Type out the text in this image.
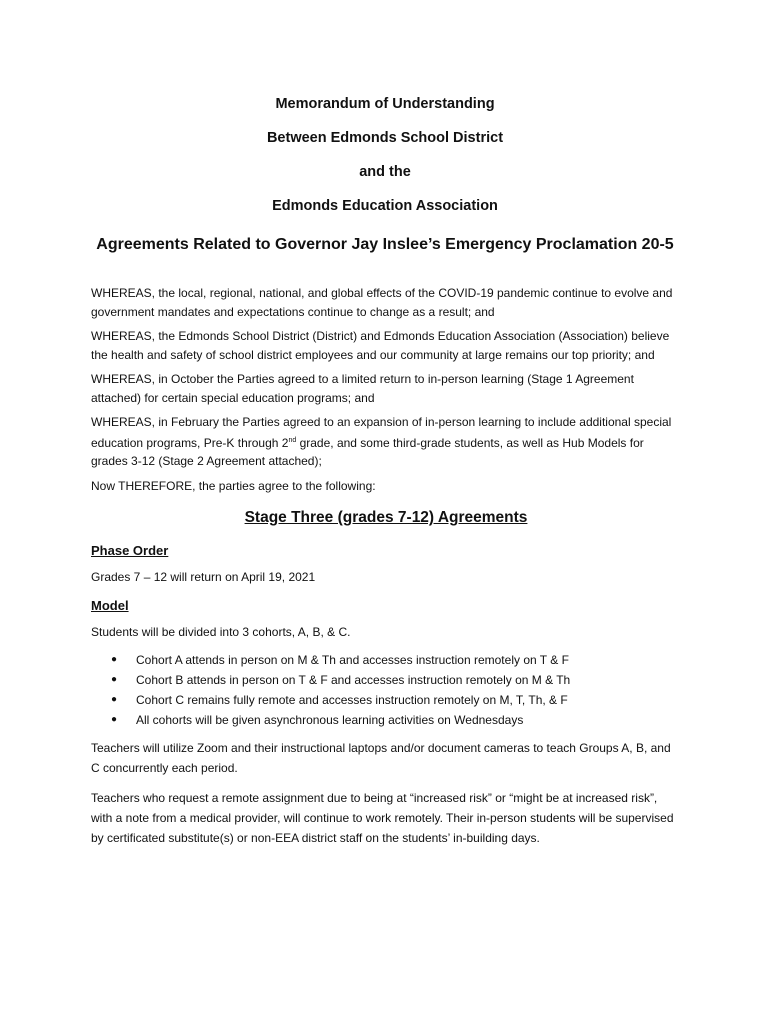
Memorandum of Understanding
Between Edmonds School District
and the
Edmonds Education Association
Agreements Related to Governor Jay Inslee’s Emergency Proclamation 20-5

WHEREAS, the local, regional, national, and global effects of the COVID-19 pandemic continue to evolve and government mandates and expectations continue to change as a result; and

WHEREAS, the Edmonds School District (District) and Edmonds Education Association (Association) believe the health and safety of school district employees and our community at large remains our top priority; and

WHEREAS, in October the Parties agreed to a limited return to in-person learning (Stage 1 Agreement attached) for certain special education programs; and

WHEREAS, in February the Parties agreed to an expansion of in-person learning to include additional special education programs, Pre-K through 2nd grade, and some third-grade students, as well as Hub Models for grades 3-12 (Stage 2 Agreement attached);

Now THEREFORE, the parties agree to the following:

Stage Three (grades 7-12) Agreements
Phase Order

Grades 7 – 12 will return on April 19, 2021

Model

Students will be divided into 3 cohorts, A, B, & C.

● Cohort A attends in person on M & Th and accesses instruction remotely on T & F
● Cohort B attends in person on T & F and accesses instruction remotely on M & Th
● Cohort C remains fully remote and accesses instruction remotely on M, T, Th, & F
● All cohorts will be given asynchronous learning activities on Wednesdays

Teachers will utilize Zoom and their instructional laptops and/or document cameras to teach Groups A, B, and C concurrently each period.

Teachers who request a remote assignment due to being at “increased risk” or “might be at increased risk”, with a note from a medical provider, will continue to work remotely. Their in-person students will be supervised by certificated substitute(s) or non-EEA district staff on the students’ in-building days.
